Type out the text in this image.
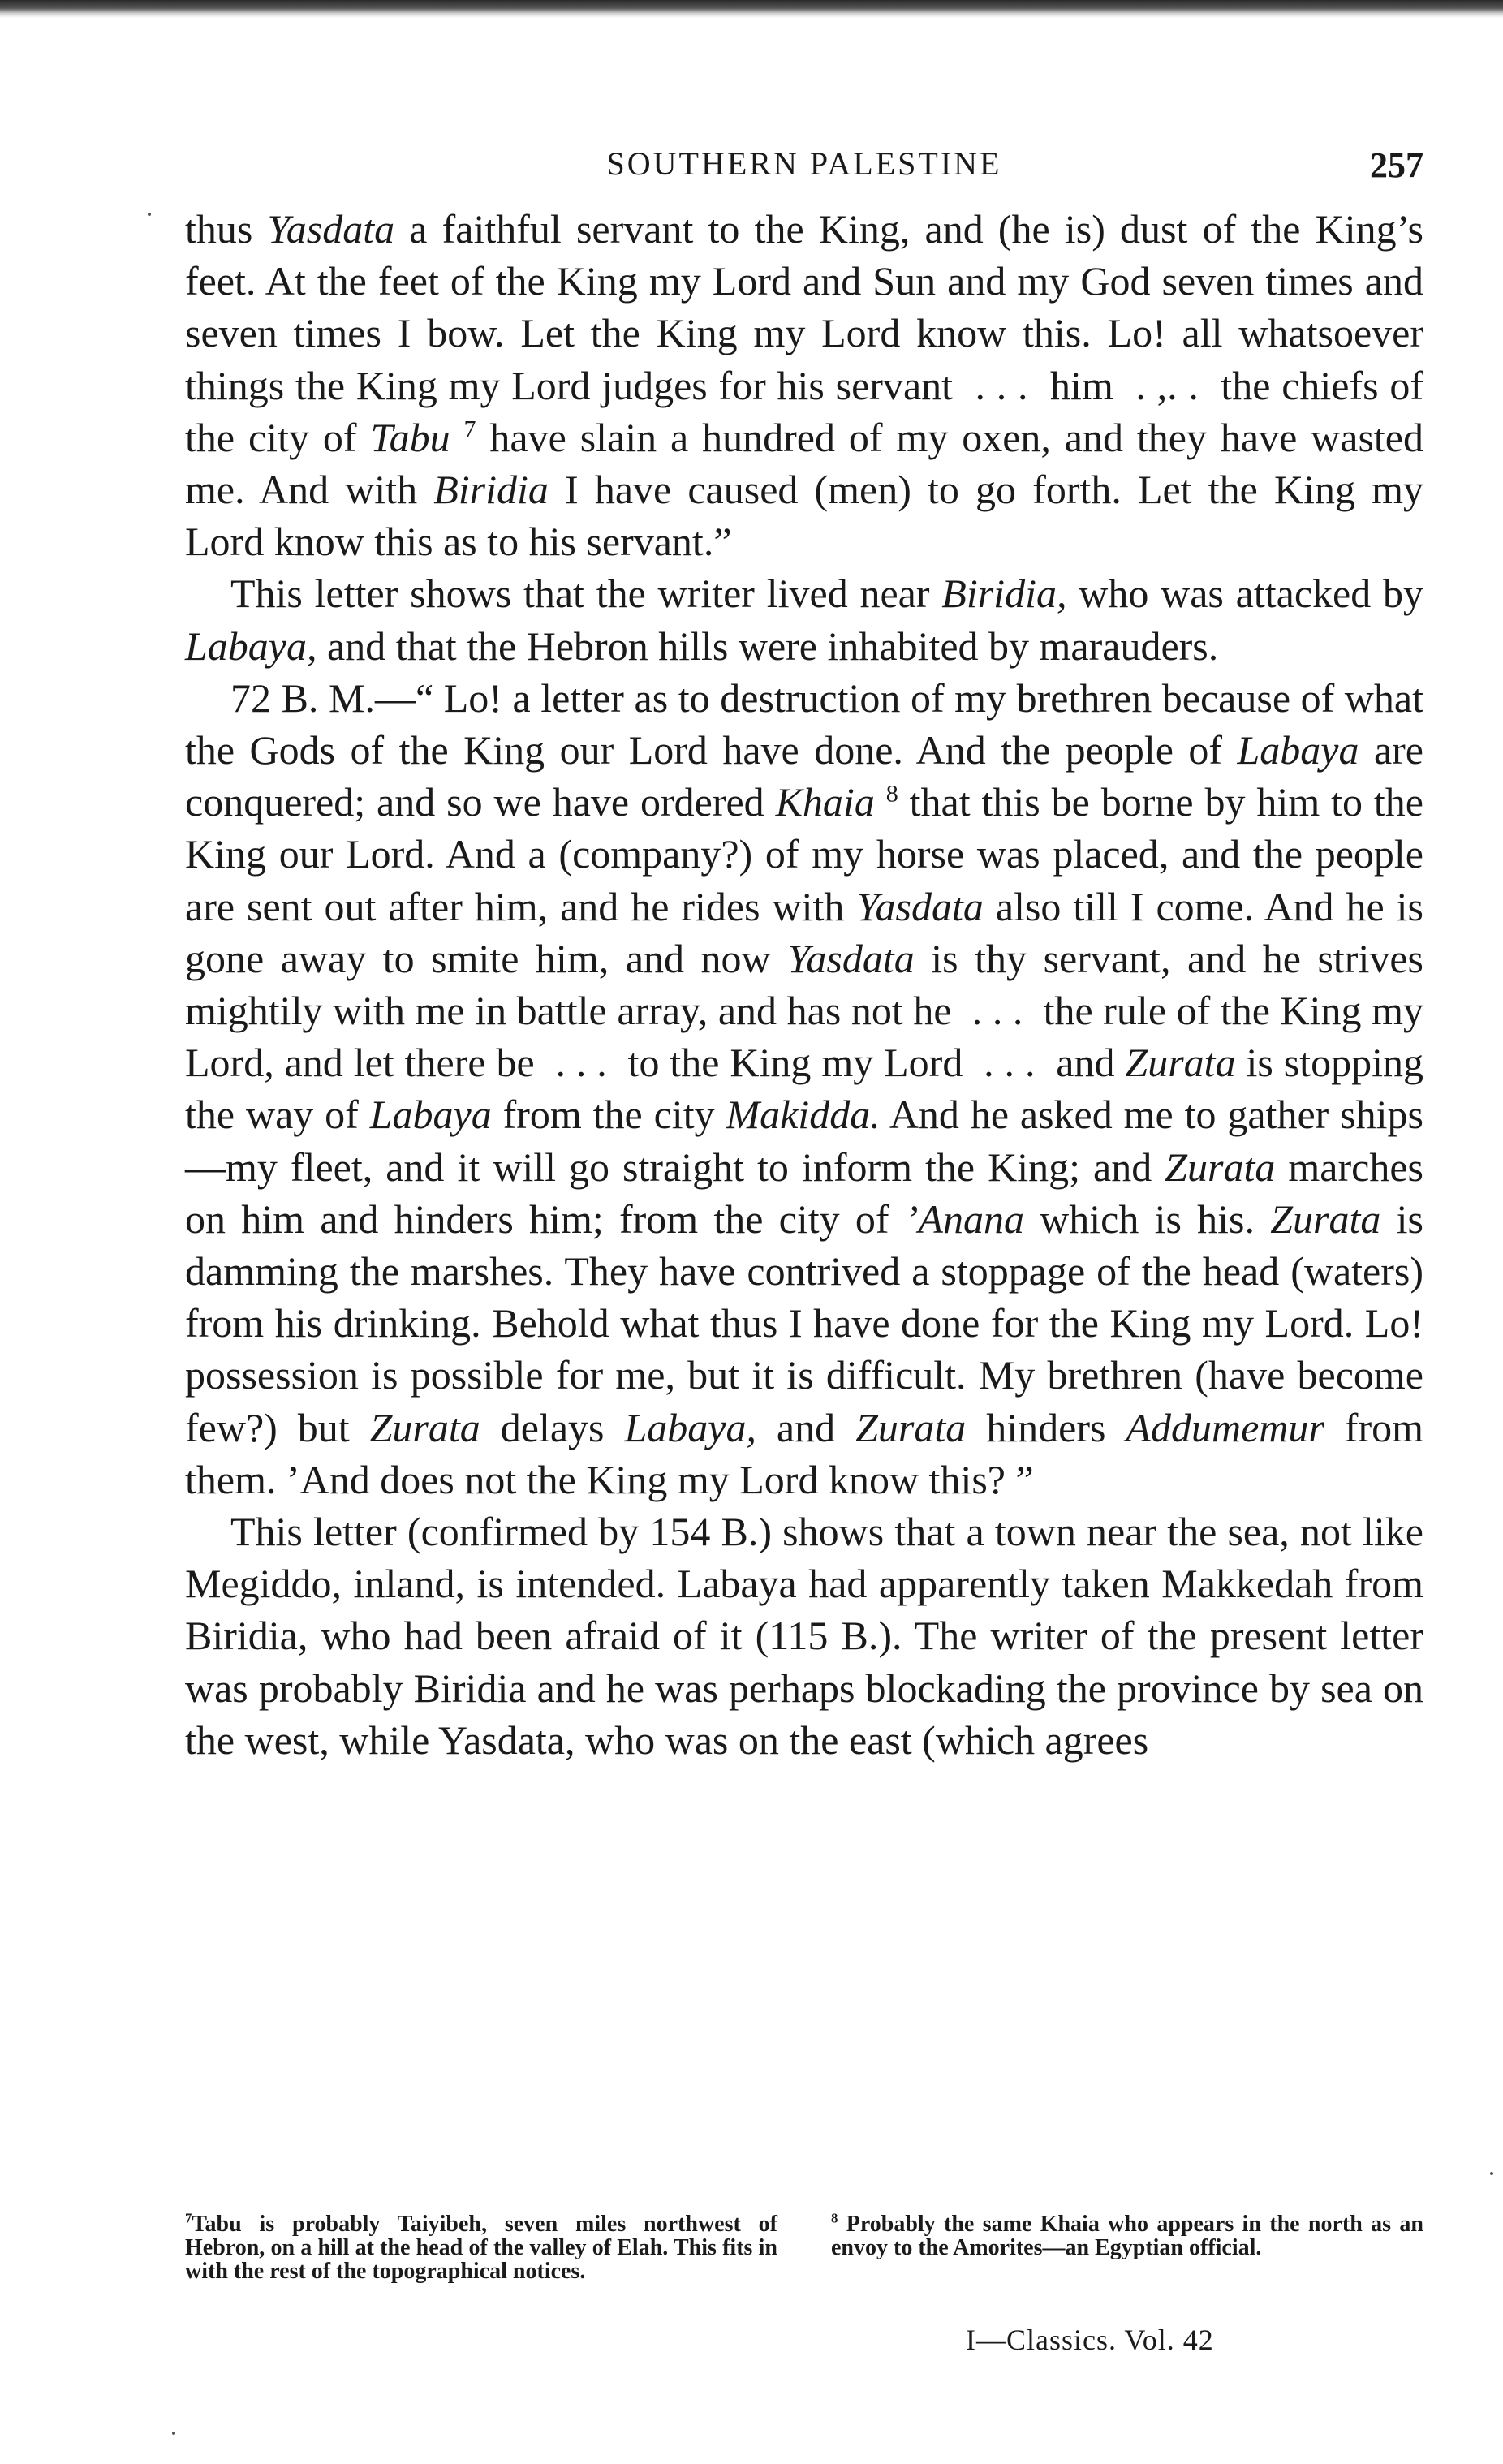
SOUTHERN PALESTINE	257

thus Yasdata a faithful servant to the King, and (he is) dust of the King’s feet. At the feet of the King my Lord and Sun and my God seven times and seven times I bow. Let the King my Lord know this. Lo! all whatsoever things the King my Lord judges for his servant  . . .  him  . ,. .  the chiefs of the city of Tabu $^7$ have slain a hundred of my oxen, and they have wasted me. And with Biridia I have caused (men) to go forth. Let the King my Lord know this as to his servant.”

This letter shows that the writer lived near Biridia, who was attacked by Labaya, and that the Hebron hills were inhabited by marauders.

72 B. M.—“ Lo! a letter as to destruction of my brethren because of what the Gods of the King our Lord have done. And the people of Labaya are conquered; and so we have ordered Khaia $^8$ that this be borne by him to the King our Lord. And a (company?) of my horse was placed, and the people are sent out after him, and he rides with Yasdata also till I come. And he is gone away to smite him, and now Yasdata is thy servant, and he strives mightily with me in battle array, and has not he  . . .  the rule of the King my Lord, and let there be  . . .  to the King my Lord  . . .  and Zurata is stopping the way of Labaya from the city Makidda. And he asked me to gather ships—my fleet, and it will go straight to inform the King; and Zurata marches on him and hinders him; from the city of ’Anana which is his. Zurata is damming the marshes. They have contrived a stoppage of the head (waters) from his drinking. Behold what thus I have done for the King my Lord. Lo! possession is possible for me, but it is difficult. My brethren (have become few?) but Zurata delays Labaya, and Zurata hinders Addumemur from them. ’And does not the King my Lord know this? ”

This letter (confirmed by 154 B.) shows that a town near the sea, not like Megiddo, inland, is intended. Labaya had apparently taken Makkedah from Biridia, who had been afraid of it (115 B.). The writer of the present letter was probably Biridia and he was perhaps blockading the province by sea on the west, while Yasdata, who was on the east (which agrees

$^7$Tabu is probably Taiyibeh, seven miles northwest of Hebron, on a hill at the head of the valley of Elah. This fits in with the rest of the topographical notices.
$^8$ Probably the same Khaia who appears in the north as an envoy to the Amorites—an Egyptian official.
I—Classics. Vol. 42
